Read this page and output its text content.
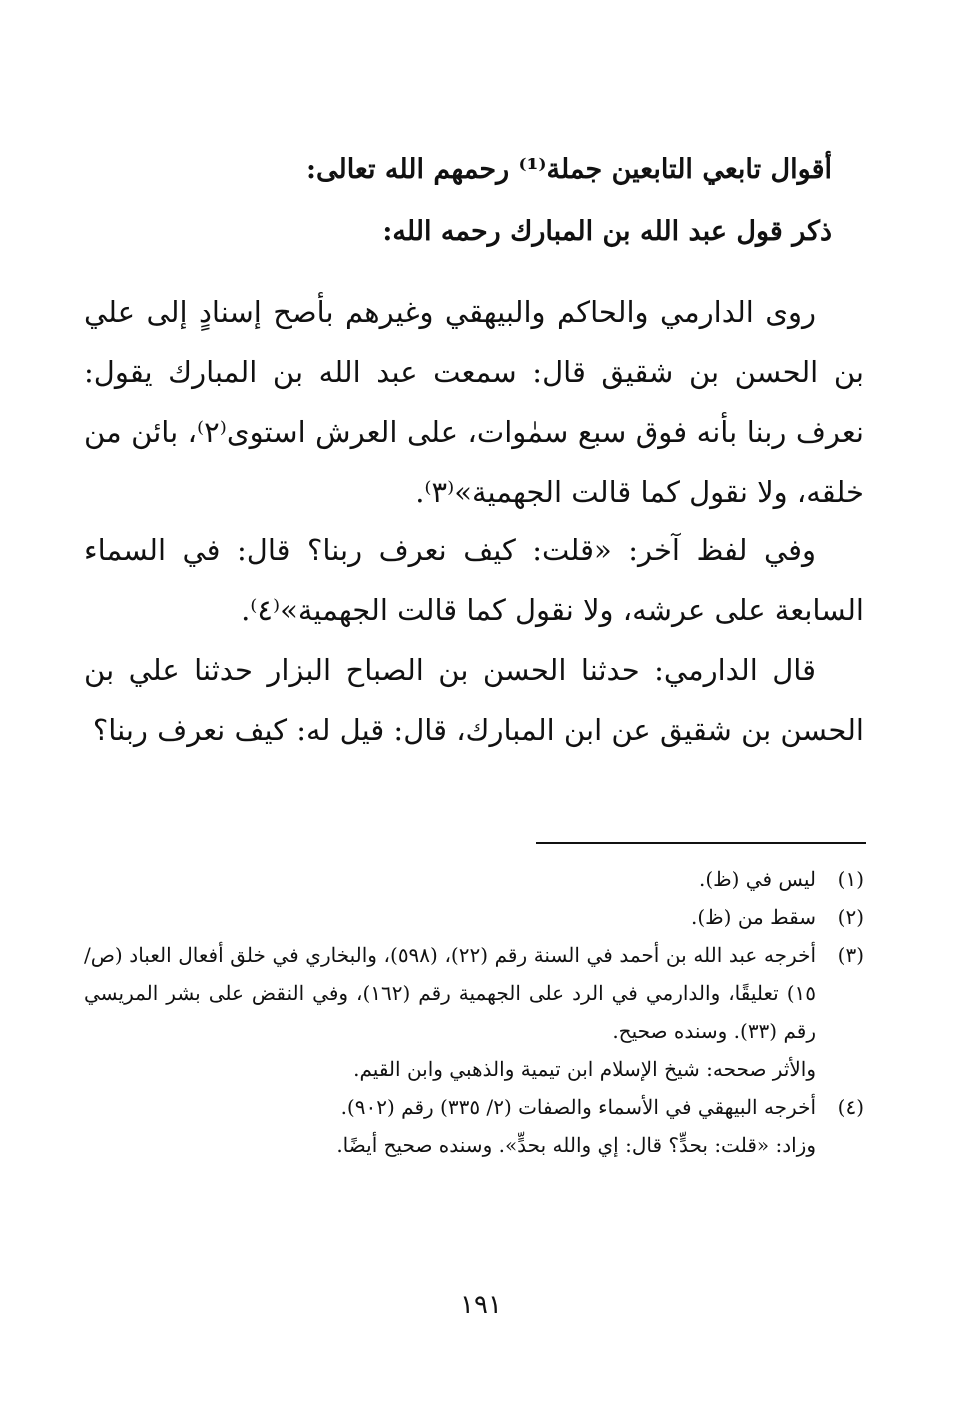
أقوال تابعي التابعين جملة⁽¹⁾ رحمهم الله تعالى:
ذكر قول عبد الله بن المبارك رحمه الله:
روى الدارمي والحاكم والبيهقي وغيرهم بأصح إسنادٍ إلى علي بن الحسن بن شقيق قال: سمعت عبد الله بن المبارك يقول: نعرف ربنا بأنه فوق سبع سمٰوات، على العرش استوى⁽٢⁾، بائن من خلقه، ولا نقول كما قالت الجهمية»⁽٣⁾.
وفي لفظ آخر: «قلت: كيف نعرف ربنا؟ قال: في السماء السابعة على عرشه، ولا نقول كما قالت الجهمية»⁽٤⁾.
قال الدارمي: حدثنا الحسن بن الصباح البزار حدثنا علي بن الحسن بن شقيق عن ابن المبارك، قال: قيل له: كيف نعرف ربنا؟
(١)
ليس في (ظ).
(٢)
سقط من (ظ).
(٣)
أخرجه عبد الله بن أحمد في السنة رقم (٢٢)، (٥٩٨)، والبخاري في خلق أفعال العباد (ص/ ١٥) تعليقًا، والدارمي في الرد على الجهمية رقم (١٦٢)، وفي النقض على بشر المريسي رقم (٣٣). وسنده صحيح.
والأثر صححه: شيخ الإسلام ابن تيمية والذهبي وابن القيم.
(٤)
أخرجه البيهقي في الأسماء والصفات (٢/ ٣٣٥) رقم (٩٠٢).
وزاد: «قلت: بحدٍّ؟ قال: إي والله بحدٍّ». وسنده صحيح أيضًا.
١٩١
